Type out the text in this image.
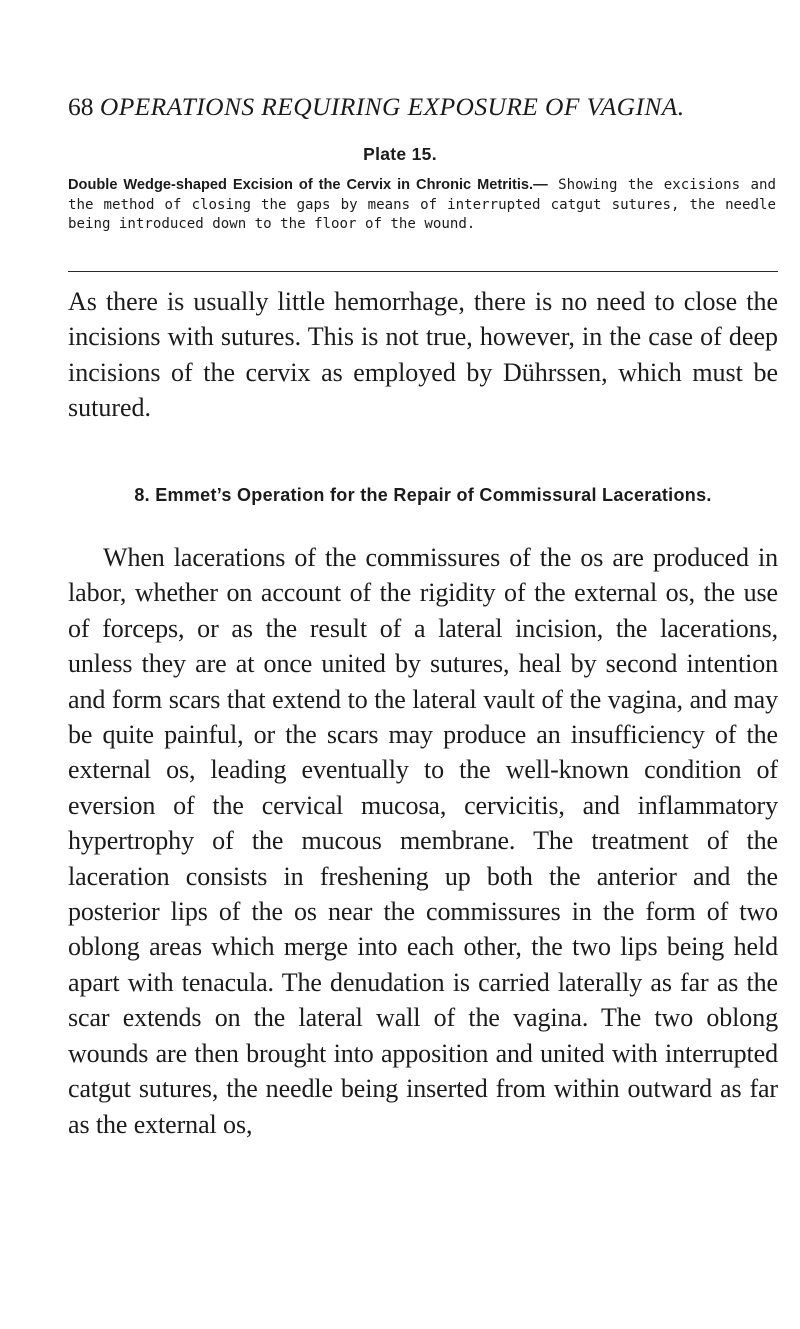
68 OPERATIONS REQUIRING EXPOSURE OF VAGINA.
Plate 15.
Double Wedge-shaped Excision of the Cervix in Chronic Metritis.— Showing the excisions and the method of closing the gaps by means of interrupted catgut sutures, the needle being introduced down to the floor of the wound.

As there is usually little hemorrhage, there is no need to close the incisions with sutures. This is not true, however, in the case of deep incisions of the cervix as employed by Dührssen, which must be sutured.

8. Emmet’s Operation for the Repair of Commissural Lacerations.

When lacerations of the commissures of the os are produced in labor, whether on account of the rigidity of the external os, the use of forceps, or as the result of a lateral incision, the lacerations, unless they are at once united by sutures, heal by second intention and form scars that extend to the lateral vault of the vagina, and may be quite painful, or the scars may produce an insufficiency of the external os, leading eventually to the well-known condition of eversion of the cervical mucosa, cervicitis, and inflammatory hypertrophy of the mucous membrane. The treatment of the laceration consists in freshening up both the anterior and the posterior lips of the os near the commissures in the form of two oblong areas which merge into each other, the two lips being held apart with tenacula. The denudation is carried laterally as far as the scar extends on the lateral wall of the vagina. The two oblong wounds are then brought into apposition and united with interrupted catgut sutures, the needle being inserted from within outward as far as the external os,
